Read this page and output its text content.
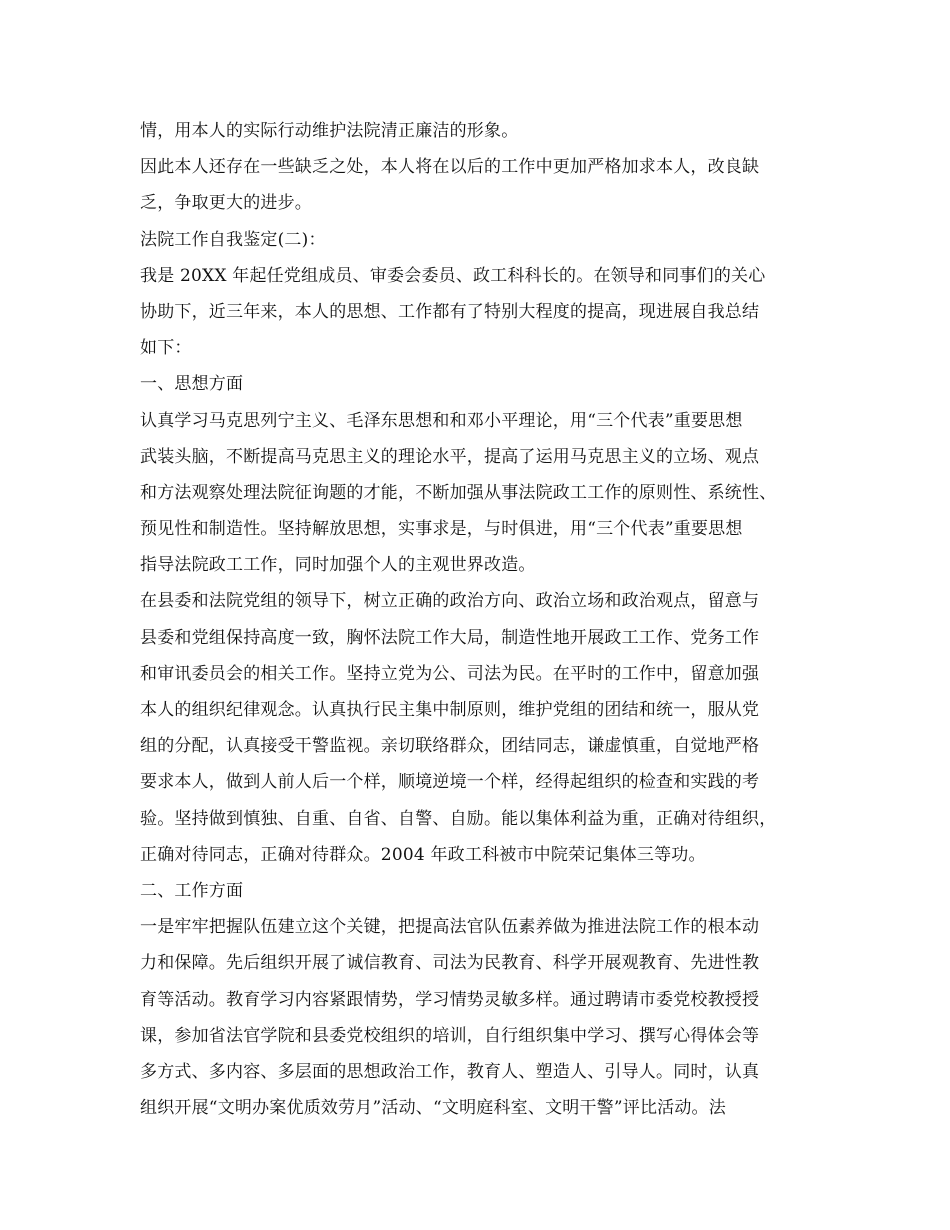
情，用本人的实际行动维护法院清正廉洁的形象。
因此本人还存在一些缺乏之处，本人将在以后的工作中更加严格加求本人，改良缺
乏，争取更大的进步。
法院工作自我鉴定(二)：
我是 20XX 年起任党组成员、审委会委员、政工科科长的。在领导和同事们的关心
协助下，近三年来，本人的思想、工作都有了特别大程度的提高，现进展自我总结
如下：
一、思想方面
认真学习马克思列宁主义、毛泽东思想和和邓小平理论，用“三个代表”重要思想
武装头脑，不断提高马克思主义的理论水平，提高了运用马克思主义的立场、观点
和方法观察处理法院征询题的才能，不断加强从事法院政工工作的原则性、系统性、
预见性和制造性。坚持解放思想，实事求是，与时俱进，用“三个代表”重要思想
指导法院政工工作，同时加强个人的主观世界改造。
在县委和法院党组的领导下，树立正确的政治方向、政治立场和政治观点，留意与
县委和党组保持高度一致，胸怀法院工作大局，制造性地开展政工工作、党务工作
和审讯委员会的相关工作。坚持立党为公、司法为民。在平时的工作中，留意加强
本人的组织纪律观念。认真执行民主集中制原则，维护党组的团结和统一，服从党
组的分配，认真接受干警监视。亲切联络群众，团结同志，谦虚慎重，自觉地严格
要求本人，做到人前人后一个样，顺境逆境一个样，经得起组织的检查和实践的考
验。坚持做到慎独、自重、自省、自警、自励。能以集体利益为重，正确对待组织，
正确对待同志，正确对待群众。2004 年政工科被市中院荣记集体三等功。
二、工作方面
一是牢牢把握队伍建立这个关键，把提高法官队伍素养做为推进法院工作的根本动
力和保障。先后组织开展了诚信教育、司法为民教育、科学开展观教育、先进性教
育等活动。教育学习内容紧跟情势，学习情势灵敏多样。通过聘请市委党校教授授
课，参加省法官学院和县委党校组织的培训，自行组织集中学习、撰写心得体会等
多方式、多内容、多层面的思想政治工作，教育人、塑造人、引导人。同时，认真
组织开展“文明办案优质效劳月”活动、“文明庭科室、文明干警”评比活动。法
